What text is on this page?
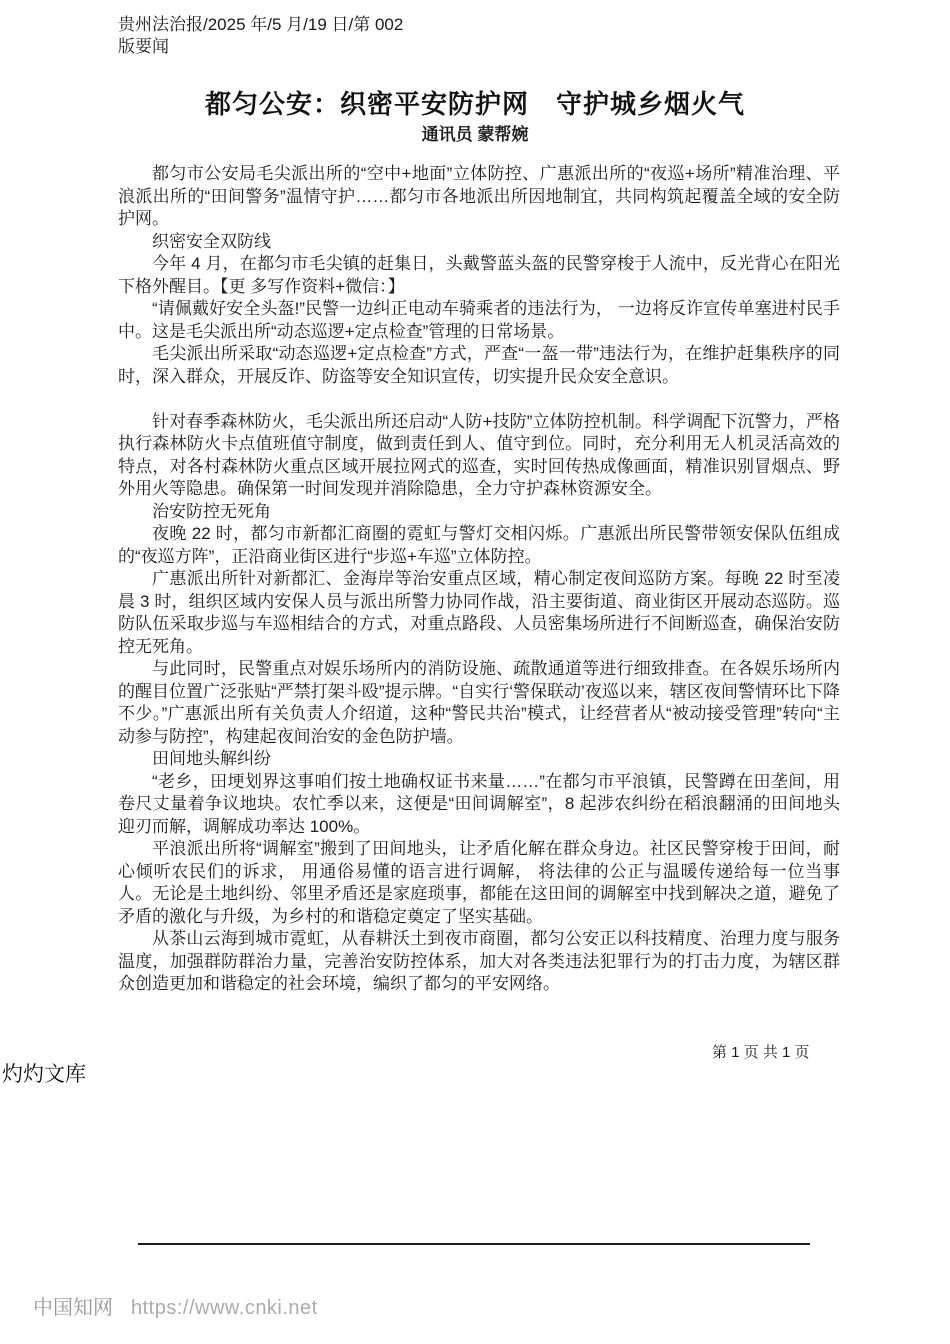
贵州法治报/2025 年/5 月/19 日/第 002
版要闻
都匀公安：织密平安防护网　守护城乡烟火气
通讯员 蒙帮婉

都匀市公安局毛尖派出所的“空中+地面”立体防控、广惠派出所的“夜巡+场所”精准治理、平浪派出所的“田间警务”温情守护……都匀市各地派出所因地制宜，共同构筑起覆盖全域的安全防护网。

织密安全双防线

今年 4 月，在都匀市毛尖镇的赶集日，头戴警蓝头盔的民警穿梭于人流中，反光背心在阳光下格外醒目。【更 多写作资料+微信：】

“请佩戴好安全头盔!”民警一边纠正电动车骑乘者的违法行为， 一边将反诈宣传单塞进村民手中。这是毛尖派出所“动态巡逻+定点检查”管理的日常场景。

毛尖派出所采取“动态巡逻+定点检查”方式，严查“一盔一带”违法行为，在维护赶集秩序的同时，深入群众，开展反诈、防盗等安全知识宣传，切实提升民众安全意识。

针对春季森林防火，毛尖派出所还启动“人防+技防”立体防控机制。科学调配下沉警力，严格执行森林防火卡点值班值守制度，做到责任到人、值守到位。同时，充分利用无人机灵活高效的特点，对各村森林防火重点区域开展拉网式的巡查，实时回传热成像画面，精准识别冒烟点、野外用火等隐患。确保第一时间发现并消除隐患，全力守护森林资源安全。

治安防控无死角

夜晚 22 时，都匀市新都汇商圈的霓虹与警灯交相闪烁。广惠派出所民警带领安保队伍组成的“夜巡方阵”，正沿商业街区进行“步巡+车巡”立体防控。

广惠派出所针对新都汇、金海岸等治安重点区域，精心制定夜间巡防方案。每晚 22 时至凌晨 3 时，组织区域内安保人员与派出所警力协同作战，沿主要街道、商业街区开展动态巡防。巡防队伍采取步巡与车巡相结合的方式，对重点路段、人员密集场所进行不间断巡查，确保治安防控无死角。

与此同时，民警重点对娱乐场所内的消防设施、疏散通道等进行细致排查。在各娱乐场所内的醒目位置广泛张贴“严禁打架斗殴”提示牌。“自实行‘警保联动’夜巡以来，辖区夜间警情环比下降不少。”广惠派出所有关负责人介绍道，这种“警民共治”模式，让经营者从“被动接受管理”转向“主动参与防控”，构建起夜间治安的金色防护墙。

田间地头解纠纷

“老乡，田埂划界这事咱们按土地确权证书来量……”在都匀市平浪镇，民警蹲在田垄间，用卷尺丈量着争议地块。农忙季以来，这便是“田间调解室”，8 起涉农纠纷在稻浪翻涌的田间地头迎刃而解，调解成功率达 100%。

平浪派出所将“调解室”搬到了田间地头，让矛盾化解在群众身边。社区民警穿梭于田间，耐心倾听农民们的诉求， 用通俗易懂的语言进行调解， 将法律的公正与温暖传递给每一位当事人。无论是土地纠纷、邻里矛盾还是家庭琐事，都能在这田间的调解室中找到解决之道，避免了矛盾的激化与升级，为乡村的和谐稳定奠定了坚实基础。

从茶山云海到城市霓虹，从春耕沃土到夜市商圈，都匀公安正以科技精度、治理力度与服务温度，加强群防群治力量，完善治安防控体系，加大对各类违法犯罪行为的打击力度，为辖区群众创造更加和谐稳定的社会环境，编织了都匀的平安网络。

第 1 页 共 1 页
灼灼文库
中国知网 https://www.cnki.net
